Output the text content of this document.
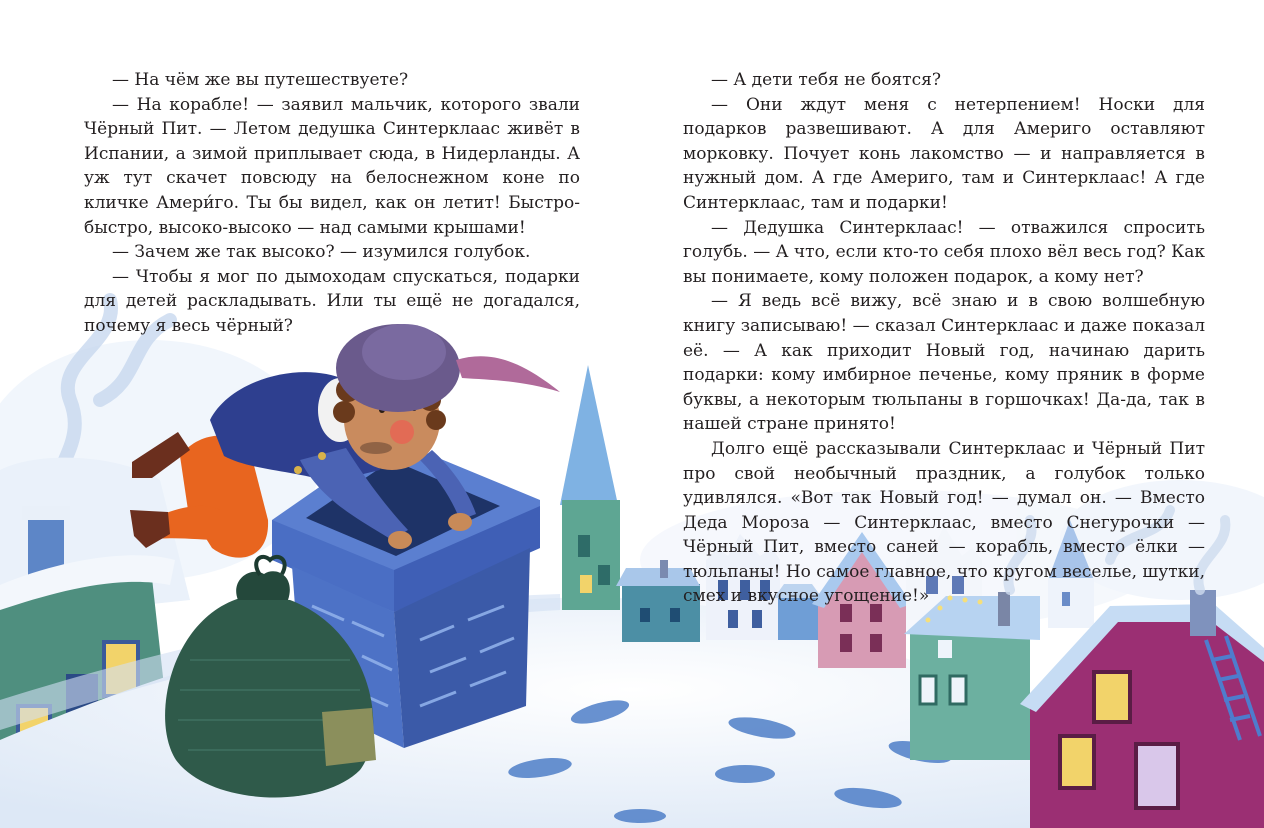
— На чём же вы путешествуете?

— На корабле! — заявил мальчик, которого звали Чёрный Пит. — Летом дедушка Синтерклаас живёт в Испании, а зимой приплывает сюда, в Нидерланды. А уж тут скачет повсюду на белоснежном коне по кличке Амери́го. Ты бы видел, как он летит! Быстро-быстро, высоко-высоко — над самыми крышами!

— Зачем же так высоко? — изумился голубок.

— Чтобы я мог по дымоходам спускаться, подарки для детей раскладывать. Или ты ещё не догадался, почему я весь чёрный?

— А дети тебя не боятся?

— Они ждут меня с нетерпением! Носки для подарков развешивают. А для Америго оставляют морковку. Почует конь лакомство — и направляется в нужный дом. А где Америго, там и Синтерклаас! А где Синтерклаас, там и подарки!

— Дедушка Синтерклаас! — отважился спросить голубь. — А что, если кто-то себя плохо вёл весь год? Как вы понимаете, кому положен подарок, а кому нет?

— Я ведь всё вижу, всё знаю и в свою волшебную книгу записываю! — сказал Синтерклаас и даже показал её. — А как приходит Новый год, начинаю дарить подарки: кому имбирное печенье, кому пряник в форме буквы, а некоторым тюльпаны в горшочках! Да-да, так в нашей стране принято!

Долго ещё рассказывали Синтерклаас и Чёрный Пит про свой необычный праздник, а голубок только удивлялся. «Вот так Новый год! — думал он. — Вместо Деда Мороза — Синтерклаас, вместо Снегурочки — Чёрный Пит, вместо саней — корабль, вместо ёлки — тюльпаны! Но самое главное, что кругом веселье, шутки, смех и вкусное угощение!»
